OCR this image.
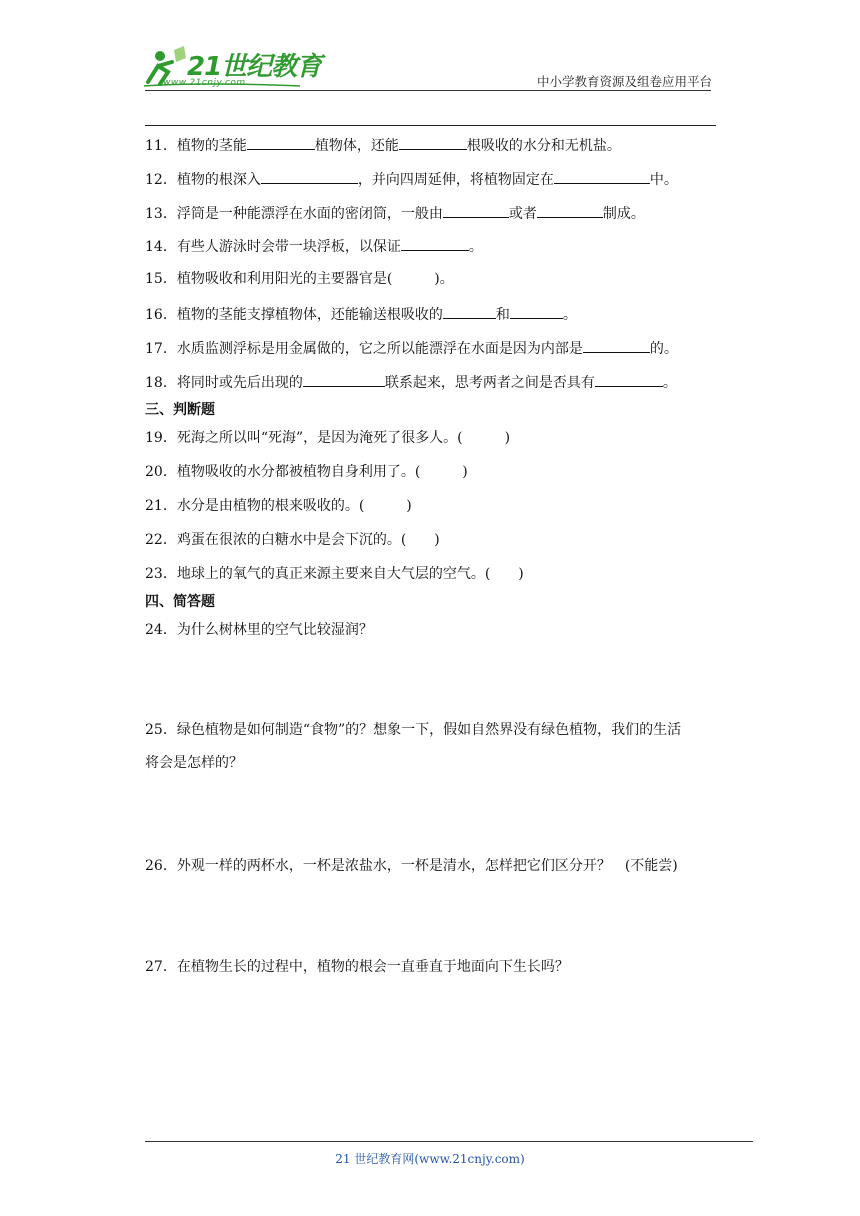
21世纪教育
www.21cnjy.com	中小学教育资源及组卷应用平台
11．植物的茎能	植物体，还能	根吸收的水分和无机盐。
12．植物的根深入	，并向四周延伸，将植物固定在	中。
13．浮筒是一种能漂浮在水面的密闭筒，一般由	或者	制成。
14．有些人游泳时会带一块浮板，以保证	。
15．植物吸收和利用阳光的主要器官是(　　　)。
16．植物的茎能支撑植物体，还能输送根吸收的	和	。
17．水质监测浮标是用金属做的，它之所以能漂浮在水面是因为内部是	的。
18．将同时或先后出现的	联系起来，思考两者之间是否具有	。
三、判断题
19．死海之所以叫“死海”，是因为淹死了很多人。(　　　)
20．植物吸收的水分都被植物自身利用了。(　　　)
21．水分是由植物的根来吸收的。(　　　)
22．鸡蛋在很浓的白糖水中是会下沉的。(　　)
23．地球上的氧气的真正来源主要来自大气层的空气。(　　)
四、简答题
24．为什么树林里的空气比较湿润？
25．绿色植物是如何制造“食物”的？想象一下，假如自然界没有绿色植物，我们的生活
将会是怎样的？
26．外观一样的两杯水，一杯是浓盐水，一杯是清水，怎样把它们区分开？　(不能尝)
27．在植物生长的过程中，植物的根会一直垂直于地面向下生长吗？
21 世纪教育网(www.21cnjy.com)
